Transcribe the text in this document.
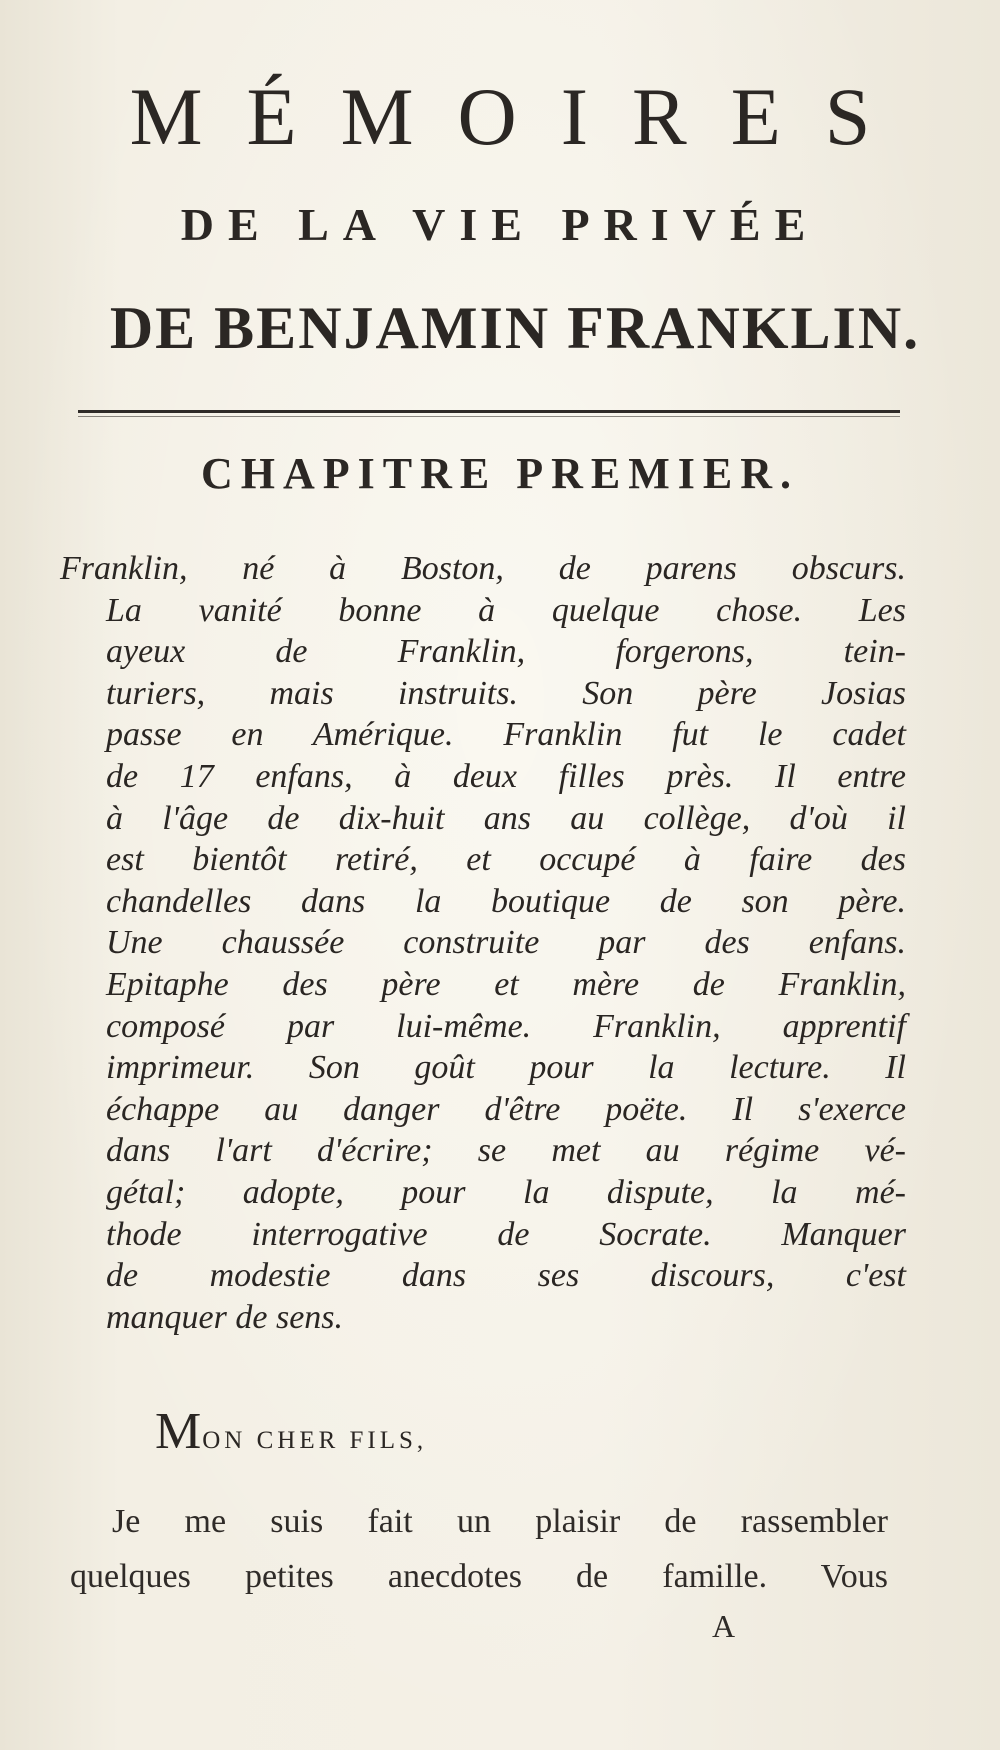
MÉMOIRES
DE LA VIE PRIVÉE
DE BENJAMIN FRANKLIN.
CHAPITRE PREMIER.
Franklin, né à Boston, de parens obscurs.
La vanité bonne à quelque chose. Les
ayeux de Franklin, forgerons, tein-
turiers, mais instruits. Son père Josias
passe en Amérique. Franklin fut le cadet
de 17 enfans, à deux filles près. Il entre
à l'âge de dix-huit ans au collège, d'où il
est bientôt retiré, et occupé à faire des
chandelles dans la boutique de son père.
Une chaussée construite par des enfans.
Epitaphe des père et mère de Franklin,
composé par lui-même. Franklin, apprentif
imprimeur. Son goût pour la lecture. Il
échappe au danger d'être poëte. Il s'exerce
dans l'art d'écrire; se met au régime vé-
gétal; adopte, pour la dispute, la mé-
thode interrogative de Socrate. Manquer
de modestie dans ses discours, c'est
manquer de sens.
MON CHER FILS,
Je me suis fait un plaisir de rassembler
quelques petites anecdotes de famille. Vous
A
